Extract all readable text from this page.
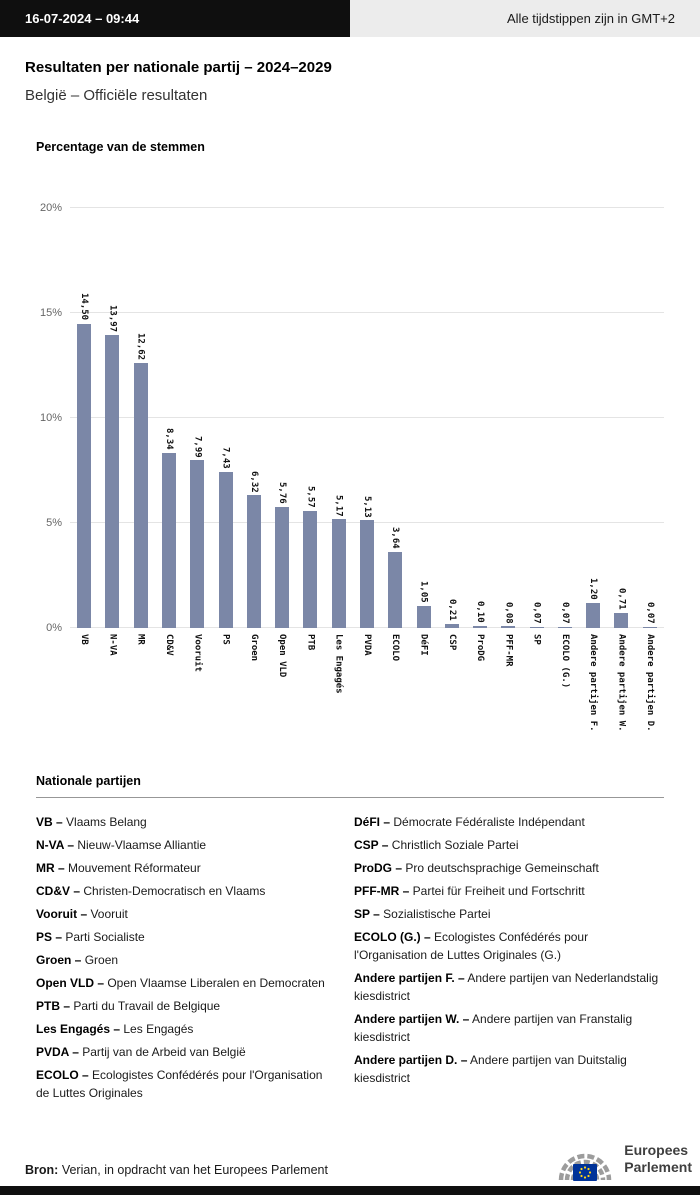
16-07-2024 – 09:44	Alle tijdstippen zijn in GMT+2
Resultaten per nationale partij – 2024–2029
België – Officiële resultaten
Percentage van de stemmen
20%
15%
10%
5%
0%
14,50 13,97
12,62
8,34 7,99
7,43
6,32
5,76 5,57 5,17 5,13
3,64
1,05
0,21 0,10 0,08 0,07 0,07
1,20 0,71
0,07
VB N-VA MR CD&V Vooruit PS Groen Open VLD PTB Les Engagés PVDA ECOLO DéFI CSP ProDG PFF-MR SP ECOLO (G.) Andere partijen F. Andere partijen W. Andere partijen D.
Nationale partijen

VB – Vlaams Belang

N-VA – Nieuw-Vlaamse Alliantie

MR – Mouvement Réformateur

CD&V – Christen-Democratisch en Vlaams

Vooruit – Vooruit

PS – Parti Socialiste

Groen – Groen

Open VLD – Open Vlaamse Liberalen en Democraten

PTB – Parti du Travail de Belgique

Les Engagés – Les Engagés

PVDA – Partij van de Arbeid van België

ECOLO – Ecologistes Confédérés pour l'Organisation de Luttes Originales

DéFI – Démocrate Fédéraliste Indépendant

CSP – Christlich Soziale Partei

ProDG – Pro deutschsprachige Gemeinschaft

PFF-MR – Partei für Freiheit und Fortschritt

SP – Sozialistische Partei

ECOLO (G.) – Ecologistes Confédérés pour l'Organisation de Luttes Originales (G.)

Andere partijen F. – Andere partijen van Nederlandstalig kiesdistrict

Andere partijen W. – Andere partijen van Franstalig kiesdistrict

Andere partijen D. – Andere partijen van Duitstalig kiesdistrict

Bron: Verian, in opdracht van het Europees Parlement

Europees
Parlement
